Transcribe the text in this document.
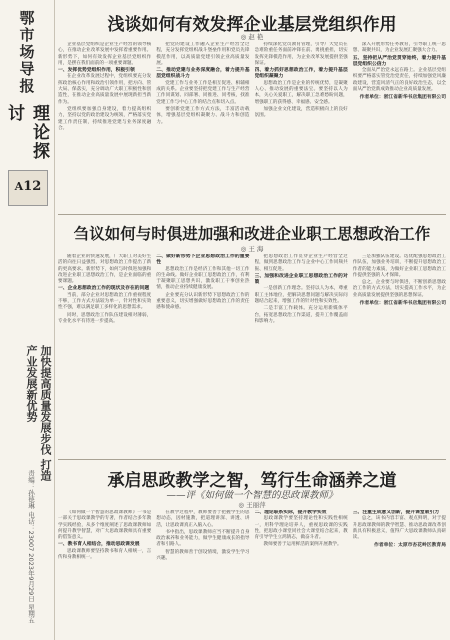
鄂市场导报
理论探讨
A12
加快提高质量发展步伐 打造产业发展新优势
责编：孙德琳 电话：23007 2023年9月29日 星期五
浅谈如何有效发挥企业基层党组织作用
◎ 赵 艳
企业基层党组织是企业生产经营的领导核心，在推动企业改革发展中发挥着重要作用。新形势下，如何有效发挥企业基层党组织作用，是摆在我们面前的一项重要课题。
一、发挥优势党组织作用，积极引领
在企业改革发展过程中，党组织要充分发挥政治核心作用和政治引领作用，把方向、管大局、保落实，充分调动广大职工积极性和创造性，在推动企业高质量发展中展现新担当新作为。
党组织要加强自身建设，着力提高组织力，坚持以党的政治建设为统领，严格落实党建工作责任制，持续推进党建与业务深度融合。
把党的建设工作融入企业生产经营全过程，充分发挥党组织战斗堡垒作用和党员先锋模范作用，以高质量党建引领企业高质量发展。
二、推动党建与业务深度融合，着力提升基层党组织战斗力
党建工作与业务工作是相互促进、相辅相成的关系。企业要坚持把党建工作与生产经营工作同谋划、同部署、同推进、同考核，找准党建工作与中心工作的结合点和切入点。
要创新党建工作方式方法，丰富活动载体，增强基层党组织凝聚力、战斗力和创造力。
持续深化党员教育管理，引导广大党员在急难险重任务面前冲锋在前、勇挑重担，切实发挥先锋模范作用，为企业改革发展提供坚强保证。
四、着力抓好思想政治工作，着力提升基层党组织凝聚力
思想政治工作是企业的传统优势，是凝聚人心、推动发展的重要法宝。要坚持以人为本，关心关爱职工，解决职工急难愁盼问题，增强职工的获得感、幸福感、安全感。
加强企业文化建设，营造积极向上的良好氛围。
深入开展形势任务教育，引导职工统一思想、凝聚共识，为企业发展汇聚强大合力。
五、坚持把从严治党贯穿始终，着力提升基层党组织公信力
全面从严治党永远在路上。企业基层党组织要严格落实管党治党责任，持续加强党风廉政建设，营造风清气正的良好政治生态，以全面从严治党新成效推动企业高质量发展。
作者单位：浙江省新华书店集团有限公司
刍议如何与时俱进加强和改进企业职工思想政治工作
◎ 王 海
随着企业的快速发展，广大职工对美好生活的向往日益强烈，对思想政治工作提出了新的更高要求。新形势下，如何与时俱进加强和改进企业职工思想政治工作，是企业面临的重要课题。
一、企业思想政治工作的现状及存在的问题
当前，部分企业对思想政治工作重视程度不够，工作方式方法较为单一，针对性和实效性不强，难以满足职工多样化的思想需求。
同时，思想政治工作队伍建设相对薄弱，专业化水平有待进一步提高。
二、做好新形势下企业思想政治工作的重要性
思想政治工作是经济工作和其他一切工作的生命线。做好企业职工思想政治工作，有利于凝聚职工思想共识，激发职工干事创业热情，推动企业持续健康发展。
企业要充分认识新形势下思想政治工作的重要意义，切实增强做好思想政治工作的责任感和使命感。
把思想政治工作贯穿企业生产经营全过程，做到思想政治工作与企业中心工作同频共振、相互促进。
三、加强和改进企业职工思想政治工作的对策
一是创新工作理念。坚持以人为本，尊重职工主体地位，把解决思想问题与解决实际问题结合起来，增强工作的针对性和实效性。
二是丰富工作载体。充分运用新媒体平台，拓宽思想政治工作渠道，提升工作覆盖面和影响力。
三是加强队伍建设。选优配强思想政治工作队伍，加强业务培训，不断提升思想政治工作者的能力素质，为做好企业职工思想政治工作提供坚强的人才保障。
总之，企业要与时俱进，不断创新思想政治工作的方式方法，切实提高工作水平，为企业高质量发展提供坚强的思想保证。
作者单位：浙江省新华书店集团有限公司
承启思政教学之智，笃行生命涵养之道
——评《如何做一个智慧的思政课教师》
◎ 王丽萍
《如何做一个智慧的思政课教师》一书是一部关于思政课教学的专著，作者结合多年教学实践经验，从多个维度阐述了思政课教师如何提升教学智慧，对广大思政课教师具有重要的借鉴意义。
一、教书育人相结合，推动思政课发展
思政课教师要坚持教书和育人相统一，言传和身教相统一。
在教学过程中，教师要善于把握学生的思想动态，因材施教，把道理讲深、讲透、讲活，让思政课真正入脑入心。
书中指出，思政课教师应当不断提升自身政治素养和业务能力，做学生健康成长的指导者和引路人。
智慧的教师善于创设情境，激发学生学习兴趣。
二、理论联系实际，提升教学实效
思政课教学要坚持理论性和实践性相统一，用科学理论培养人，重视思政课的实践性，把思政小课堂同社会大课堂结合起来，教育引导学生立鸿鹄志，做奋斗者。
教师要善于运用鲜活的案例开展教学。
三、注重生成意义创新，提升课堂吸引力
总之，该书内容丰富、观点鲜明，对于提升思政课教师的教学智慧、推动思政课改革创新具有积极意义，值得广大思政课教师认真研读。
作者单位：太原市杏花岭区教育局
